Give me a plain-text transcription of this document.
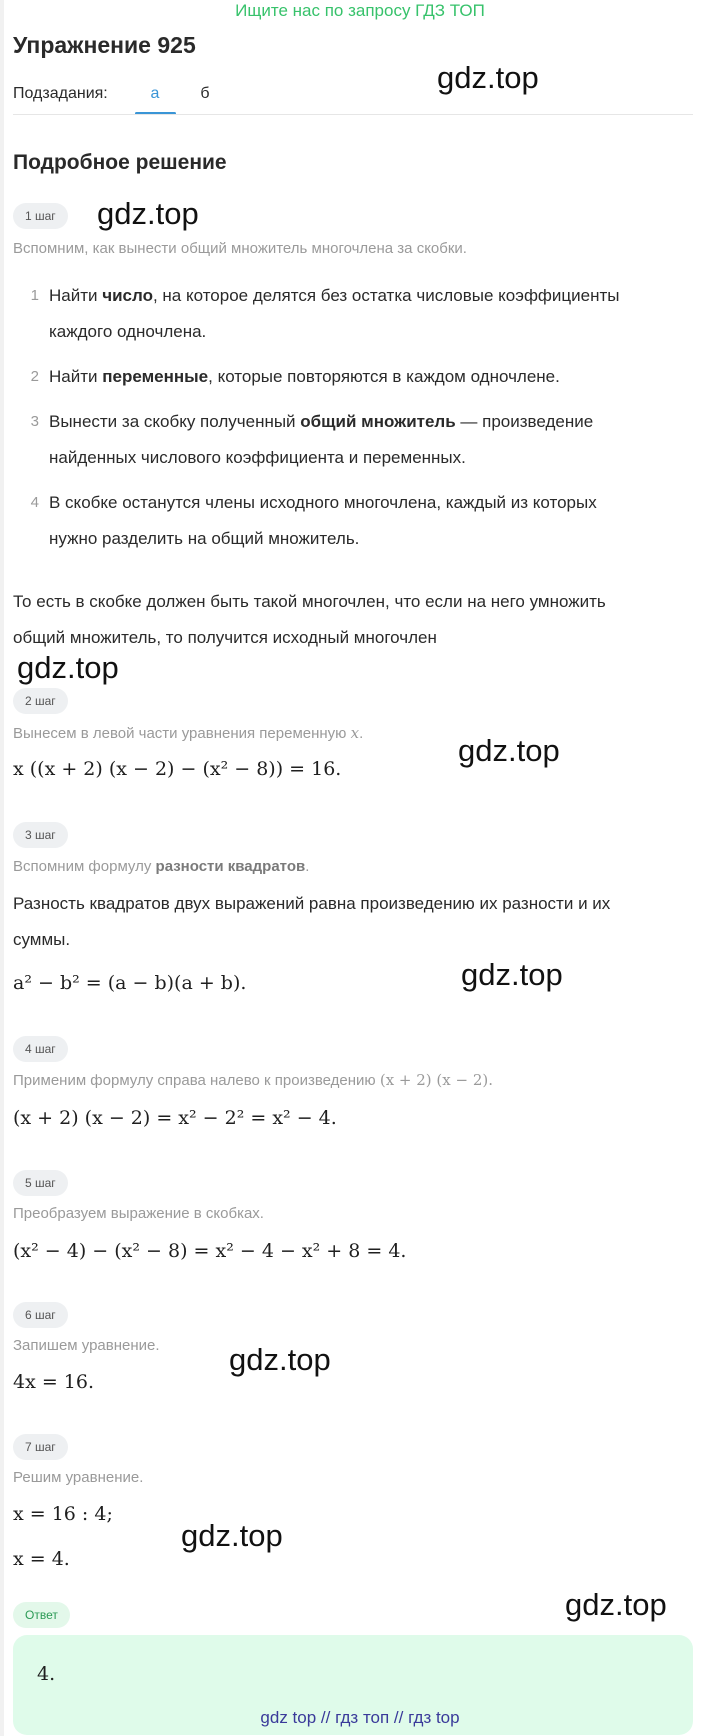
Ищите нас по запросу ГДЗ ТОП
Упражнение 925
Подзадания:	а	б
Подробное решение
1 шаг
Вспомним, как вынести общий множитель многочлена за скобки.
1 Найти число, на которое делятся без остатка числовые коэффициенты
каждого одночлена.
2 Найти переменные, которые повторяются в каждом одночлене.
3 Вынести за скобку полученный общий множитель — произведение
найденных числового коэффициента и переменных.
4 В скобке останутся члены исходного многочлена, каждый из которых
нужно разделить на общий множитель.
То есть в скобке должен быть такой многочлен, что если на него умножить
общий множитель, то получится исходный многочлен
2 шаг
Вынесем в левой части уравнения переменную x.
x ((x + 2) (x − 2) − (x² − 8)) = 16.
3 шаг
Вспомним формулу разности квадратов.
Разность квадратов двух выражений равна произведению их разности и их
суммы.
a² − b² = (a − b)(a + b).
4 шаг
Применим формулу справа налево к произведению (x + 2) (x − 2).
(x + 2) (x − 2) = x² − 2² = x² − 4.
5 шаг
Преобразуем выражение в скобках.
(x² − 4) − (x² − 8) = x² − 4 − x² + 8 = 4.
6 шаг
Запишем уравнение.
4x = 16.
7 шаг
Решим уравнение.
x = 16 : 4;
x = 4.
Ответ
4.
gdz.top
gdz.top
gdz.top
gdz.top
gdz.top
gdz.top
gdz.top
gdz.top
gdz top // гдз топ // гдз top
